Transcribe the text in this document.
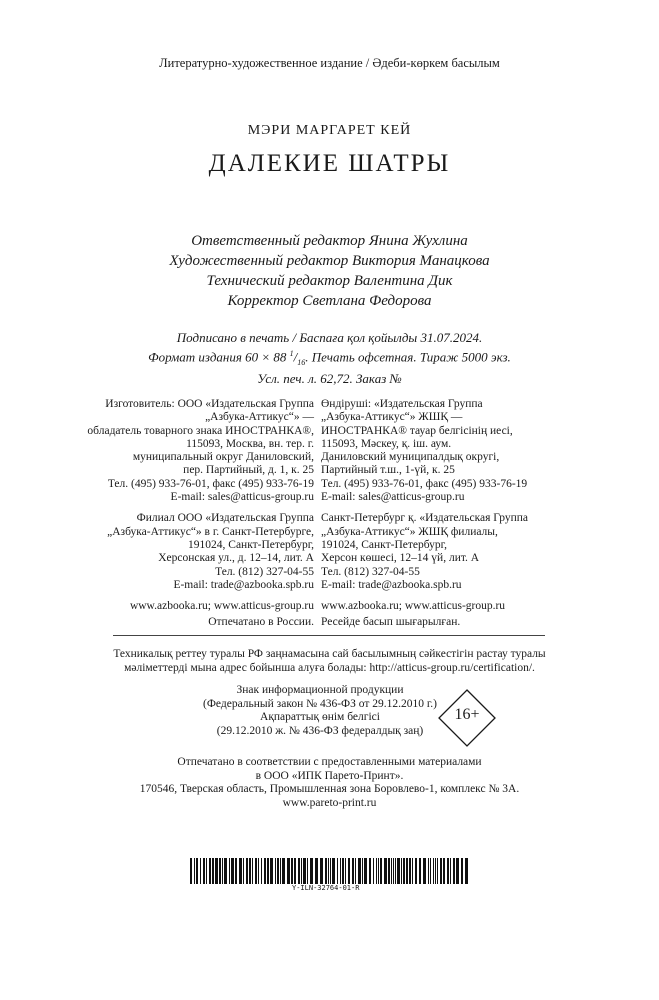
Литературно-художественное издание / Әдеби-көркем басылым
МЭРИ МАРГАРЕТ КЕЙ
ДАЛЕКИЕ ШАТРЫ
Ответственный редактор Янина Жухлина
Художественный редактор Виктория Манацкова
Технический редактор Валентина Дик
Корректор Светлана Федорова
Подписано в печать / Баспаға қол қойылды 31.07.2024.
Формат издания 60 × 88 $^1/_{16}$. Печать офсетная. Тираж 5000 экз.
Усл. печ. л. 62,72. Заказ №
Изготовитель: ООО «Издательская Группа
„Азбука-Аттикус“» —
обладатель товарного знака ИНОСТРАНКА®,
115093, Москва, вн. тер. г.
муниципальный округ Даниловский,
пер. Партийный, д. 1, к. 25
Тел. (495) 933-76-01, факс (495) 933-76-19
E-mail: sales@atticus-group.ru
Филиал ООО «Издательская Группа
„Азбука-Аттикус“» в г. Санкт-Петербурге,
191024, Санкт-Петербург,
Херсонская ул., д. 12–14, лит. А
Тел. (812) 327-04-55
E-mail: trade@azbooka.spb.ru
www.azbooka.ru; www.atticus-group.ru
Отпечатано в России.
Өндіруші: «Издательская Группа
„Азбука-Аттикус“» ЖШҚ —
ИНОСТРАНКА® тауар белгісінің иесі,
115093, Мәскеу, қ. іш. аум.
Даниловский муниципалдық округі,
Партийный т.ш., 1-үй, к. 25
Тел. (495) 933-76-01, факс (495) 933-76-19
E-mail: sales@atticus-group.ru
Санкт-Петербург қ. «Издательская Группа
„Азбука-Аттикус“» ЖШҚ филиалы,
191024, Санкт-Петербург,
Херсон көшесі, 12–14 үй, лит. А
Тел. (812) 327-04-55
E-mail: trade@azbooka.spb.ru
www.azbooka.ru; www.atticus-group.ru
Ресейде басып шығарылған.
Техникалық реттеу туралы РФ заңнамасына сай басылымның сәйкестігін растау туралы
мәліметтерді мына адрес бойынша алуға болады: http://atticus-group.ru/certification/.
Знак информационной продукции
(Федеральный закон № 436-ФЗ от 29.12.2010 г.)
Ақпараттық өнім белгісі
(29.12.2010 ж. № 436-ФЗ федералдық заң)
16+
Отпечатано в соответствии с предоставленными материалами
в ООО «ИПК Парето-Принт».
170546, Тверская область, Промышленная зона Боровлево-1, комплекс № 3А.
www.pareto-print.ru
Y-ILN-32764-01-R
